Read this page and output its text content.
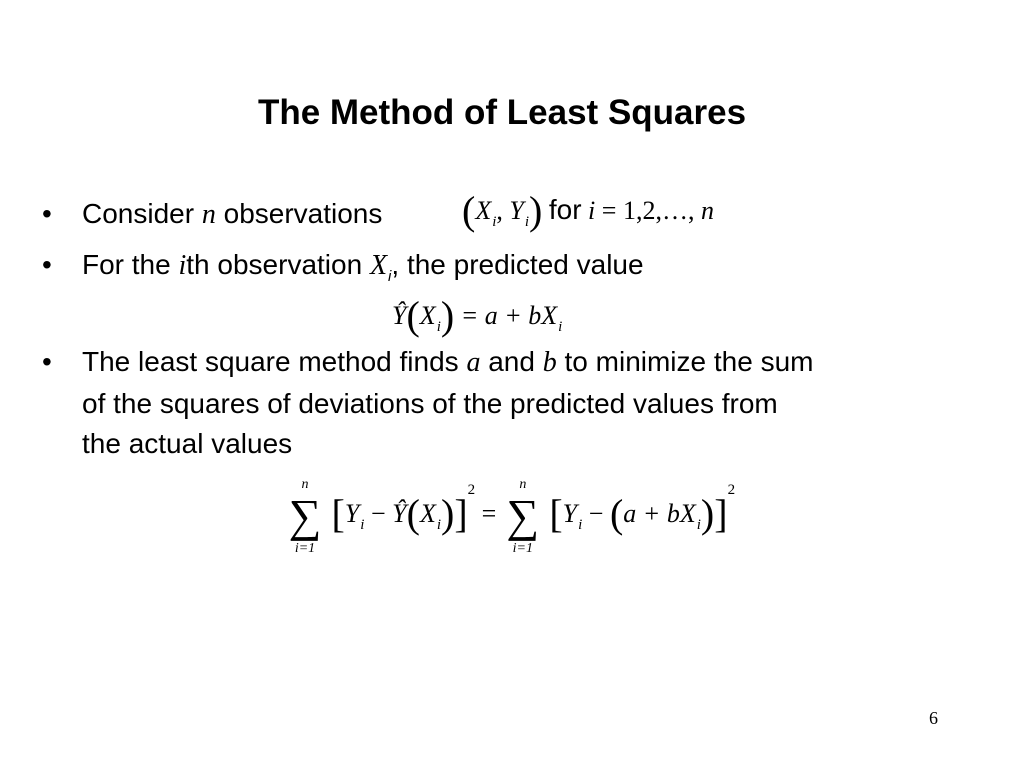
The Method of Least Squares
• Consider n observations ($X_i$, $Y_i$) for i = 1,2,…, n
• For the ith observation $X_i$, the predicted value
$Ŷ(X_i) = a + bX_i$
• The least square method finds a and b to minimize the sum
of the squares of deviations of the predicted values from
the actual values
n
∑
i=1
[$Y_i$ − $Ŷ(X_i)]^2$ =
n
∑
i=1
$[Y_i - (a + bX_i)]^2$
6
